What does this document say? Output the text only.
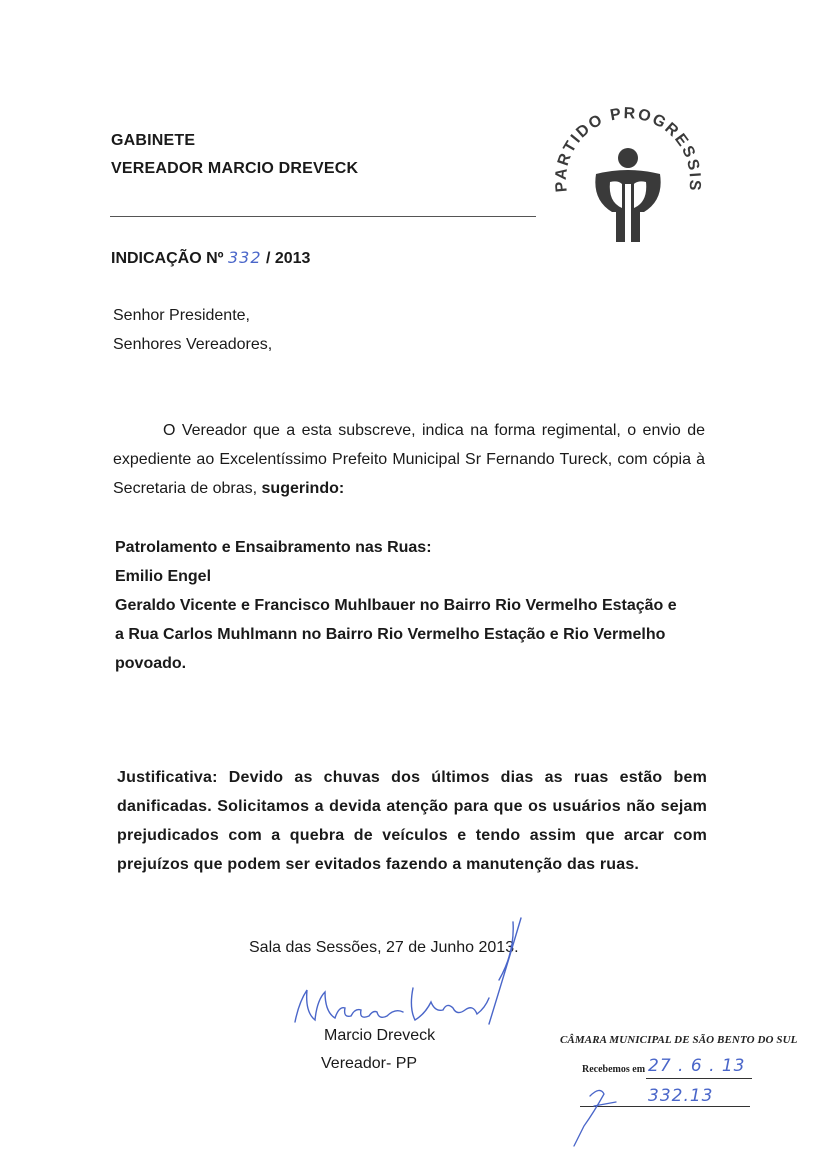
GABINETE
VEREADOR MARCIO DREVECK
PARTIDO PROGRESSIS
INDICAÇÃO Nº 332 / 2013
Senhor Presidente,
Senhores Vereadores,
O Vereador que a esta subscreve, indica na forma regimental, o envio de expediente ao Excelentíssimo Prefeito Municipal Sr Fernando Tureck, com cópia à Secretaria de obras, sugerindo:
Patrolamento e Ensaibramento nas Ruas:
Emilio Engel
Geraldo Vicente e Francisco Muhlbauer no Bairro Rio Vermelho Estação e
a Rua Carlos Muhlmann no Bairro Rio Vermelho Estação e Rio Vermelho
povoado.
Justificativa: Devido as chuvas dos últimos dias as ruas estão bem danificadas. Solicitamos a devida atenção para que os usuários não sejam prejudicados com a quebra de veículos e tendo assim que arcar com prejuízos que podem ser evitados fazendo a manutenção das ruas.
Sala das Sessões, 27 de Junho 2013.
Marcio Dreveck
Vereador- PP
CÂMARA MUNICIPAL DE SÃO BENTO DO SUL
Recebemos em 27 . 6 . 13
332.13
